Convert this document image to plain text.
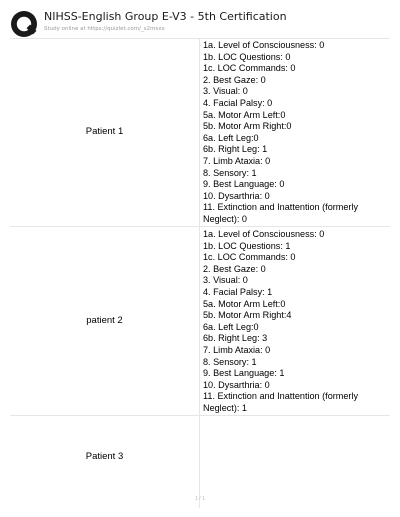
NIHSS-English Group E-V3 - 5th Certification
Study online at https://quizlet.com/_s2msxx
Patient 1
1a. Level of Consciousness: 0
1b. LOC Questions: 0
1c. LOC Commands: 0
2. Best Gaze: 0
3. Visual: 0
4. Facial Palsy: 0
5a. Motor Arm Left:0
5b. Motor Arm Right:0
6a. Left Leg:0
6b. Right Leg: 1
7. Limb Ataxia: 0
8. Sensory: 1
9. Best Language: 0
10. Dysarthria: 0
11. Extinction and Inattention (formerly Neglect): 0
patient 2
1a. Level of Consciousness: 0
1b. LOC Questions: 1
1c. LOC Commands: 0
2. Best Gaze: 0
3. Visual: 0
4. Facial Palsy: 1
5a. Motor Arm Left:0
5b. Motor Arm Right:4
6a. Left Leg:0
6b. Right Leg: 3
7. Limb Ataxia: 0
8. Sensory: 1
9. Best Language: 1
10. Dysarthria: 0
11. Extinction and Inattention (formerly Neglect): 1
Patient 3
1 / 1
